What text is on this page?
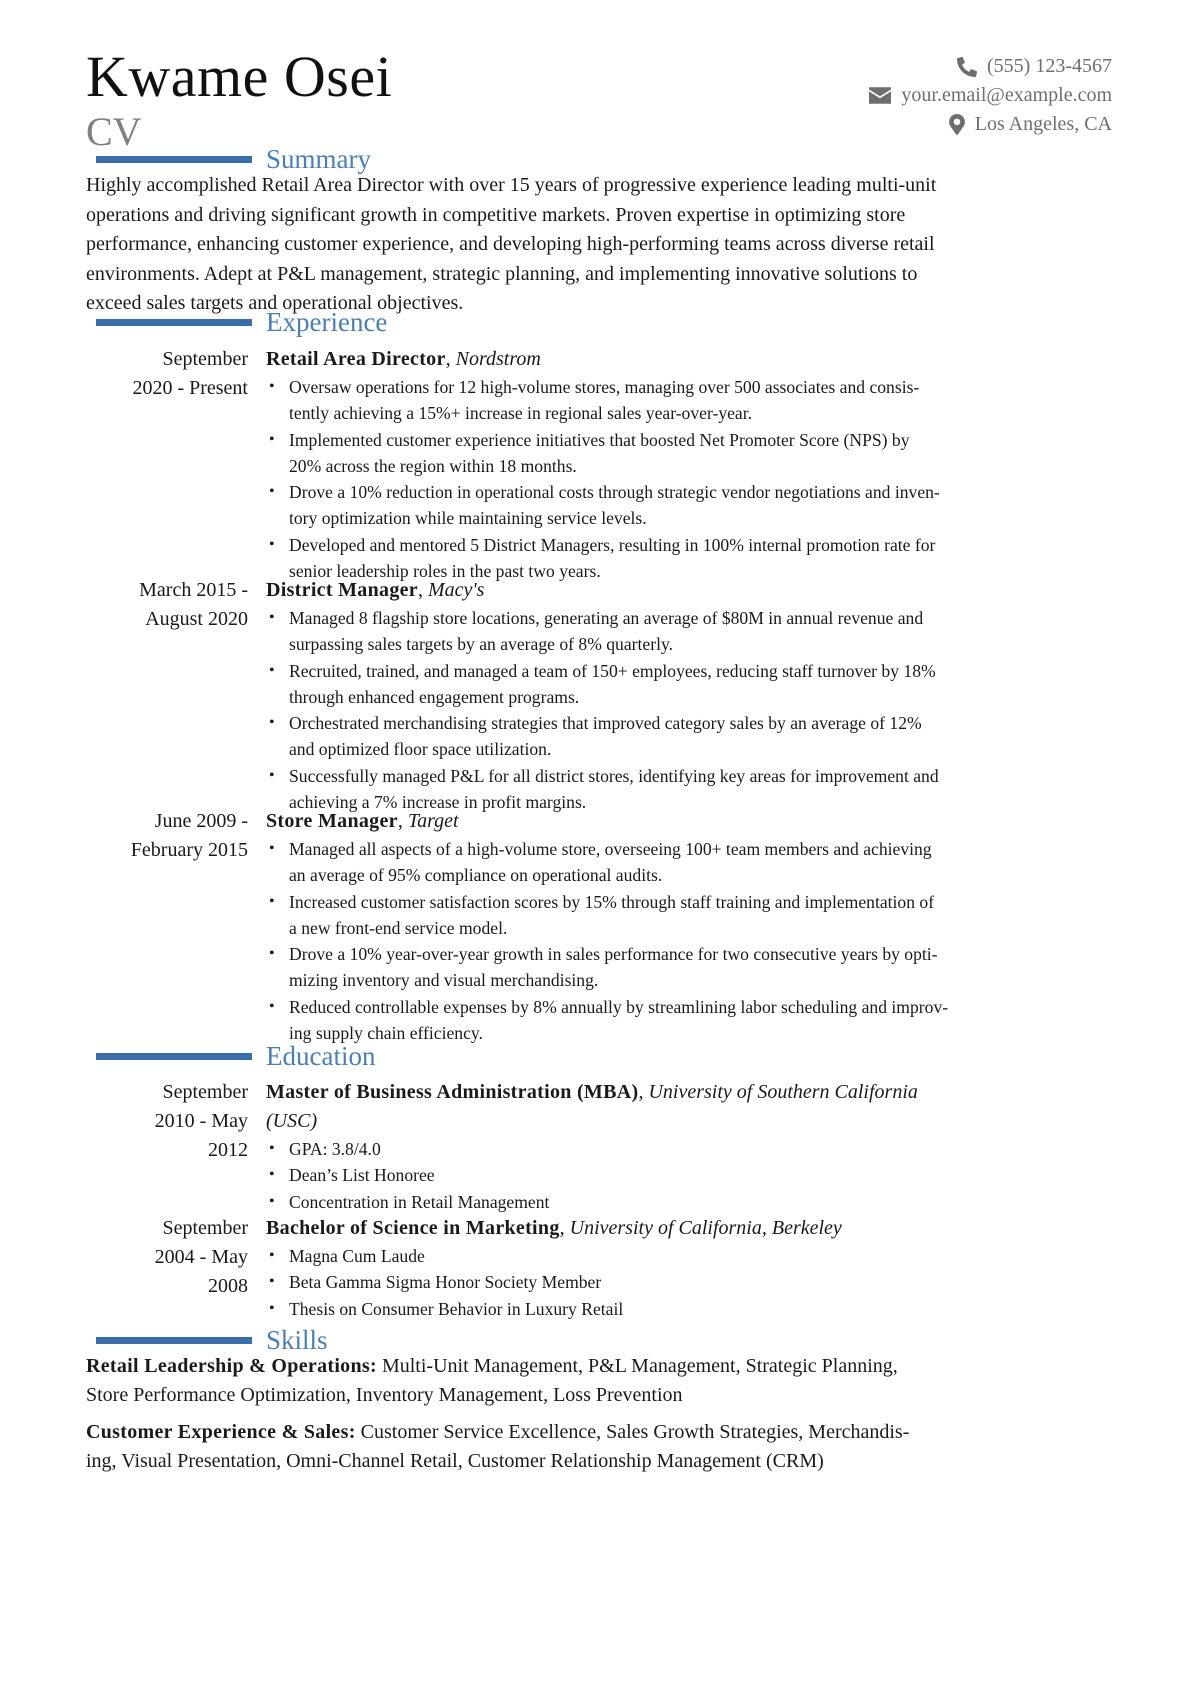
Kwame Osei
CV
(555) 123-4567
your.email@example.com
Los Angeles, CA
Summary
Highly accomplished Retail Area Director with over 15 years of progressive experience leading multi-unit
operations and driving significant growth in competitive markets. Proven expertise in optimizing store
performance, enhancing customer experience, and developing high-performing teams across diverse retail
environments. Adept at P&L management, strategic planning, and implementing innovative solutions to
exceed sales targets and operational objectives.
Experience
September
2020 - Present
Retail Area Director, Nordstrom
• Oversaw operations for 12 high-volume stores, managing over 500 associates and consis-
tently achieving a 15%+ increase in regional sales year-over-year.
• Implemented customer experience initiatives that boosted Net Promoter Score (NPS) by
20% across the region within 18 months.
• Drove a 10% reduction in operational costs through strategic vendor negotiations and inven-
tory optimization while maintaining service levels.
• Developed and mentored 5 District Managers, resulting in 100% internal promotion rate for
senior leadership roles in the past two years.
March 2015 -
August 2020
District Manager, Macy's
• Managed 8 flagship store locations, generating an average of $80M in annual revenue and
surpassing sales targets by an average of 8% quarterly.
• Recruited, trained, and managed a team of 150+ employees, reducing staff turnover by 18%
through enhanced engagement programs.
• Orchestrated merchandising strategies that improved category sales by an average of 12%
and optimized floor space utilization.
• Successfully managed P&L for all district stores, identifying key areas for improvement and
achieving a 7% increase in profit margins.
June 2009 -
February 2015
Store Manager, Target
• Managed all aspects of a high-volume store, overseeing 100+ team members and achieving
an average of 95% compliance on operational audits.
• Increased customer satisfaction scores by 15% through staff training and implementation of
a new front-end service model.
• Drove a 10% year-over-year growth in sales performance for two consecutive years by opti-
mizing inventory and visual merchandising.
• Reduced controllable expenses by 8% annually by streamlining labor scheduling and improv-
ing supply chain efficiency.
Education
September
2010 - May
2012
Master of Business Administration (MBA), University of Southern California
(USC)
• GPA: 3.8/4.0
• Dean’s List Honoree
• Concentration in Retail Management
September
2004 - May
2008
Bachelor of Science in Marketing, University of California, Berkeley
• Magna Cum Laude
• Beta Gamma Sigma Honor Society Member
• Thesis on Consumer Behavior in Luxury Retail
Skills
Retail Leadership & Operations: Multi-Unit Management, P&L Management, Strategic Planning,
Store Performance Optimization, Inventory Management, Loss Prevention
Customer Experience & Sales: Customer Service Excellence, Sales Growth Strategies, Merchandis-
ing, Visual Presentation, Omni-Channel Retail, Customer Relationship Management (CRM)
